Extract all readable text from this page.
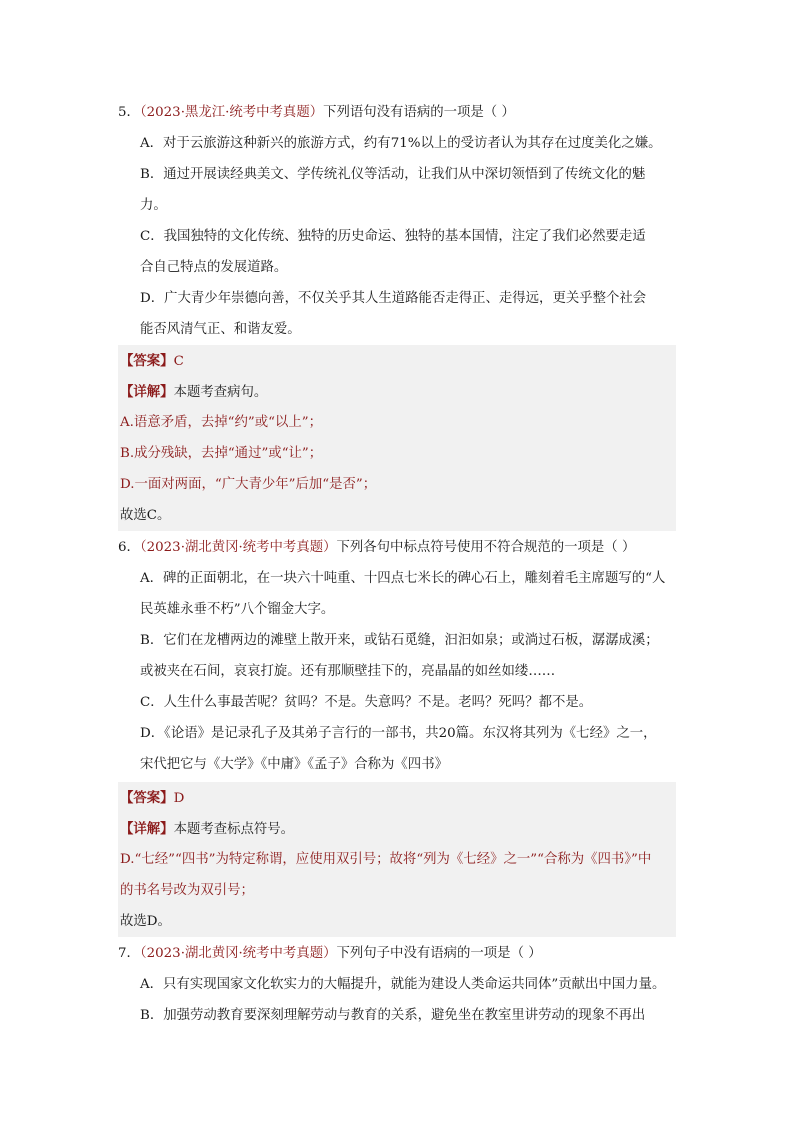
5．（2023·黑龙江·统考中考真题）下列语句没有语病的一项是（ ）
A．对于云旅游这种新兴的旅游方式，约有71%以上的受访者认为其存在过度美化之嫌。
B．通过开展读经典美文、学传统礼仪等活动，让我们从中深切领悟到了传统文化的魅
力。
C．我国独特的文化传统、独特的历史命运、独特的基本国情，注定了我们必然要走适
合自己特点的发展道路。
D．广大青少年崇德向善，不仅关乎其人生道路能否走得正、走得远，更关乎整个社会
能否风清气正、和谐友爱。
【答案】C
【详解】本题考查病句。
A.语意矛盾，去掉“约”或“以上”；
B.成分残缺，去掉“通过”或“让”；
D.一面对两面，“广大青少年”后加“是否”；
故选C。
6．（2023·湖北黄冈·统考中考真题）下列各句中标点符号使用不符合规范的一项是（ ）
A．碑的正面朝北，在一块六十吨重、十四点七米长的碑心石上，雕刻着毛主席题写的“人
民英雄永垂不朽”八个镏金大字。
B．它们在龙槽两边的滩壁上散开来，或钻石觅缝，汩汩如泉；或淌过石板，潺潺成溪；
或被夹在石间，哀哀打旋。还有那顺壁挂下的，亮晶晶的如丝如缕……
C．人生什么事最苦呢？贫吗？不是。失意吗？不是。老吗？死吗？都不是。
D．《论语》是记录孔子及其弟子言行的一部书，共20篇。东汉将其列为《七经》之一，
宋代把它与《大学》《中庸》《孟子》合称为《四书》
【答案】D
【详解】本题考查标点符号。
D.“七经”“四书”为特定称谓，应使用双引号；故将“列为《七经》之一”“合称为《四书》”中
的书名号改为双引号；
故选D。
7．（2023·湖北黄冈·统考中考真题）下列句子中没有语病的一项是（ ）
A．只有实现国家文化软实力的大幅提升，就能为建设人类命运共同体”贡献出中国力量。
B．加强劳动教育要深刻理解劳动与教育的关系，避免坐在教室里讲劳动的现象不再出
